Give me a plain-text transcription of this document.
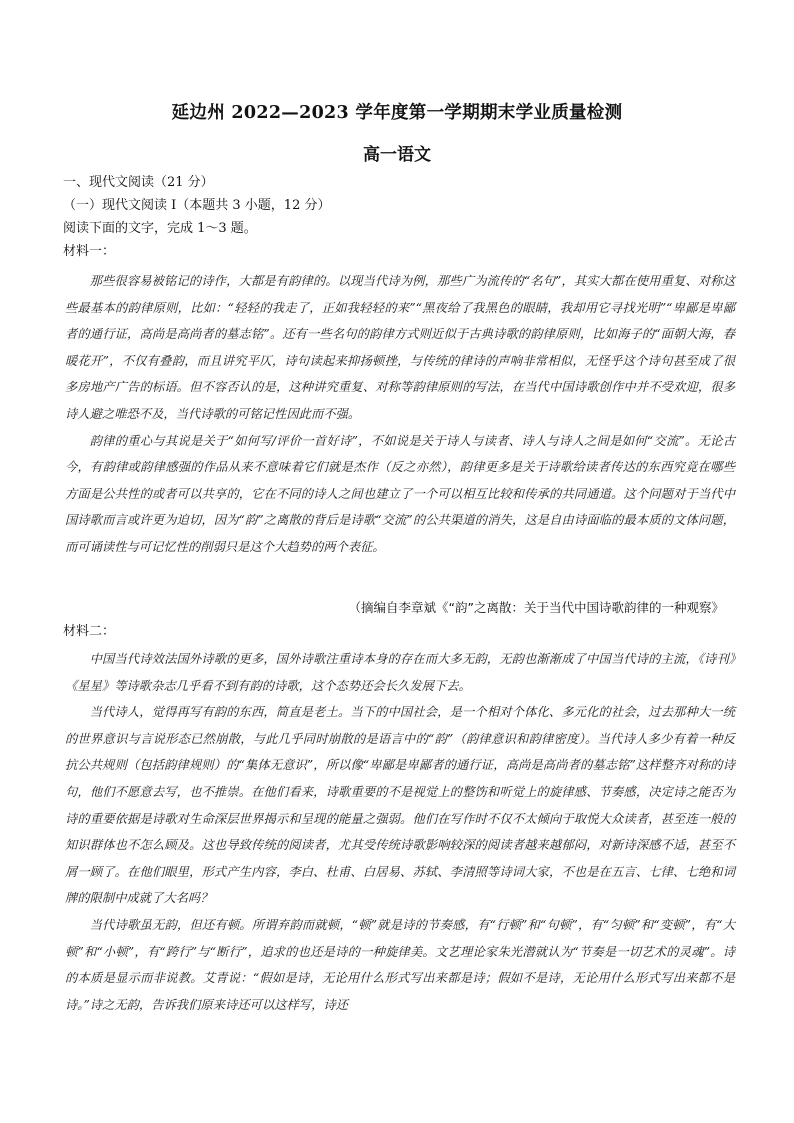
延边州 2022—2023 学年度第一学期期末学业质量检测
高一语文
一、现代文阅读（21 分）
（一）现代文阅读 I（本题共 3 小题，12 分）
阅读下面的文字，完成 1～3 题。
材料一：

那些很容易被铭记的诗作，大都是有韵律的。以现当代诗为例，那些广为流传的“名句”，其实大都在使用重复、对称这些最基本的韵律原则，比如：“轻轻的我走了，正如我轻轻的来”“黑夜给了我黑色的眼睛，我却用它寻找光明”“卑鄙是卑鄙者的通行证，高尚是高尚者的墓志铭”。还有一些名句的韵律方式则近似于古典诗歌的韵律原则，比如海子的“面朝大海，春暖花开”，不仅有叠韵，而且讲究平仄，诗句读起来抑扬顿挫，与传统的律诗的声响非常相似，无怪乎这个诗句甚至成了很多房地产广告的标语。但不容否认的是，这种讲究重复、对称等韵律原则的写法，在当代中国诗歌创作中并不受欢迎，很多诗人避之唯恐不及，当代诗歌的可铭记性因此而不强。

韵律的重心与其说是关于“如何写/评价一首好诗”，不如说是关于诗人与读者、诗人与诗人之间是如何“交流”。无论古今，有韵律或韵律感强的作品从来不意味着它们就是杰作（反之亦然），韵律更多是关于诗歌给读者传达的东西究竟在哪些方面是公共性的或者可以共享的，它在不同的诗人之间也建立了一个可以相互比较和传承的共同通道。这个问题对于当代中国诗歌而言或许更为迫切，因为“韵”之离散的背后是诗歌“交流”的公共渠道的消失，这是自由诗面临的最本质的文体问题，而可诵读性与可记忆性的削弱只是这个大趋势的两个表征。

（摘编自李章斌《“韵”之离散：关于当代中国诗歌韵律的一种观察》
材料二：

中国当代诗效法国外诗歌的更多，国外诗歌注重诗本身的存在而大多无韵，无韵也渐渐成了中国当代诗的主流，《诗刊》《星星》等诗歌杂志几乎看不到有韵的诗歌，这个态势还会长久发展下去。

当代诗人，觉得再写有韵的东西，简直是老土。当下的中国社会，是一个相对个体化、多元化的社会，过去那种大一统的世界意识与言说形态已然崩散，与此几乎同时崩散的是语言中的“韵”（韵律意识和韵律密度）。当代诗人多少有着一种反抗公共规则（包括韵律规则）的“集体无意识”，所以像“卑鄙是卑鄙者的通行证，高尚是高尚者的墓志铭”这样整齐对称的诗句，他们不愿意去写，也不推崇。在他们看来，诗歌重要的不是视觉上的整饬和听觉上的旋律感、节奏感，决定诗之能否为诗的重要依据是诗歌对生命深层世界揭示和呈现的能量之强弱。他们在写作时不仅不太倾向于取悦大众读者，甚至连一般的知识群体也不怎么顾及。这也导致传统的阅读者，尤其受传统诗歌影响较深的阅读者越来越郁闷，对新诗深感不适，甚至不屑一顾了。在他们眼里，形式产生内容，李白、杜甫、白居易、苏轼、李清照等诗词大家，不也是在五言、七律、七绝和词牌的限制中成就了大名吗？

当代诗歌虽无韵，但还有顿。所谓弃韵而就顿，“顿”就是诗的节奏感，有“行顿”和“句顿”，有“匀顿”和“变顿”，有“大顿”和“小顿”，有“跨行”与“断行”，追求的也还是诗的一种旋律美。文艺理论家朱光潜就认为“节奏是一切艺术的灵魂”。诗的本质是显示而非说教。艾青说：“假如是诗，无论用什么形式写出来都是诗；假如不是诗，无论用什么形式写出来都不是诗。”诗之无韵，告诉我们原来诗还可以这样写，诗还
